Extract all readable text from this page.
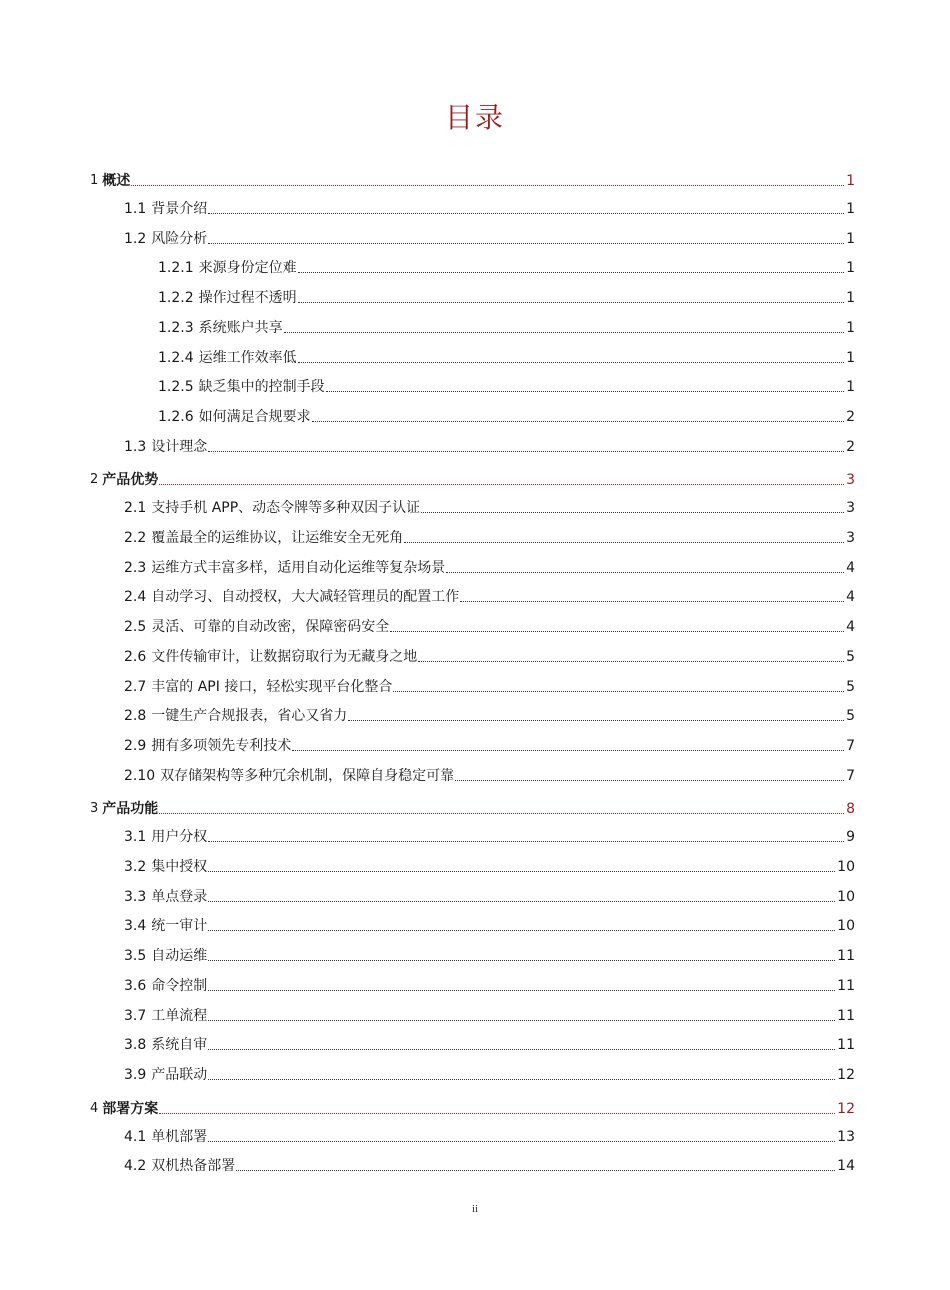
目录
1 概述	1
1.1 背景介绍	1
1.2 风险分析	1
1.2.1 来源身份定位难	1
1.2.2 操作过程不透明	1
1.2.3 系统账户共享	1
1.2.4 运维工作效率低	1
1.2.5 缺乏集中的控制手段	1
1.2.6 如何满足合规要求	2
1.3 设计理念	2
2 产品优势	3
2.1 支持手机 APP、动态令牌等多种双因子认证	3
2.2 覆盖最全的运维协议，让运维安全无死角	3
2.3 运维方式丰富多样，适用自动化运维等复杂场景	4
2.4 自动学习、自动授权，大大减轻管理员的配置工作	4
2.5 灵活、可靠的自动改密，保障密码安全	4
2.6 文件传输审计，让数据窃取行为无藏身之地	5
2.7 丰富的 API 接口，轻松实现平台化整合	5
2.8 一键生产合规报表，省心又省力	5
2.9 拥有多项领先专利技术	7
2.10 双存储架构等多种冗余机制，保障自身稳定可靠	7
3 产品功能	8
3.1 用户分权	9
3.2 集中授权	10
3.3 单点登录	10
3.4 统一审计	10
3.5 自动运维	11
3.6 命令控制	11
3.7 工单流程	11
3.8 系统自审	11
3.9 产品联动	12
4 部署方案	12
4.1 单机部署	13
4.2 双机热备部署	14
ii
